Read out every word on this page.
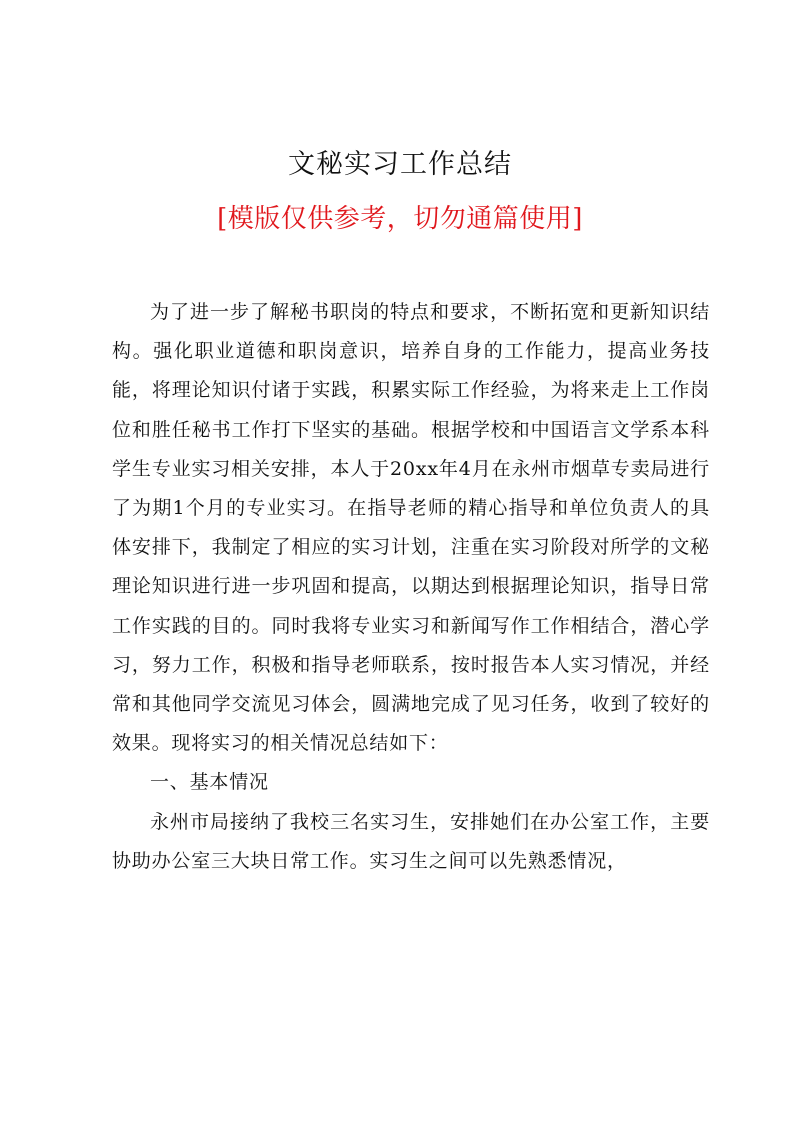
文秘实习工作总结
[模版仅供参考，切勿通篇使用]

为了进一步了解秘书职岗的特点和要求，不断拓宽和更新知识结构。强化职业道德和职岗意识，培养自身的工作能力，提高业务技能，将理论知识付诸于实践，积累实际工作经验，为将来走上工作岗位和胜任秘书工作打下坚实的基础。根据学校和中国语言文学系本科学生专业实习相关安排，本人于20xx年4月在永州市烟草专卖局进行了为期1个月的专业实习。在指导老师的精心指导和单位负责人的具体安排下，我制定了相应的实习计划，注重在实习阶段对所学的文秘理论知识进行进一步巩固和提高，以期达到根据理论知识，指导日常工作实践的目的。同时我将专业实习和新闻写作工作相结合，潜心学习，努力工作，积极和指导老师联系，按时报告本人实习情况，并经常和其他同学交流见习体会，圆满地完成了见习任务，收到了较好的效果。现将实习的相关情况总结如下：

一、基本情况

永州市局接纳了我校三名实习生，安排她们在办公室工作，主要协助办公室三大块日常工作。实习生之间可以先熟悉情况，
